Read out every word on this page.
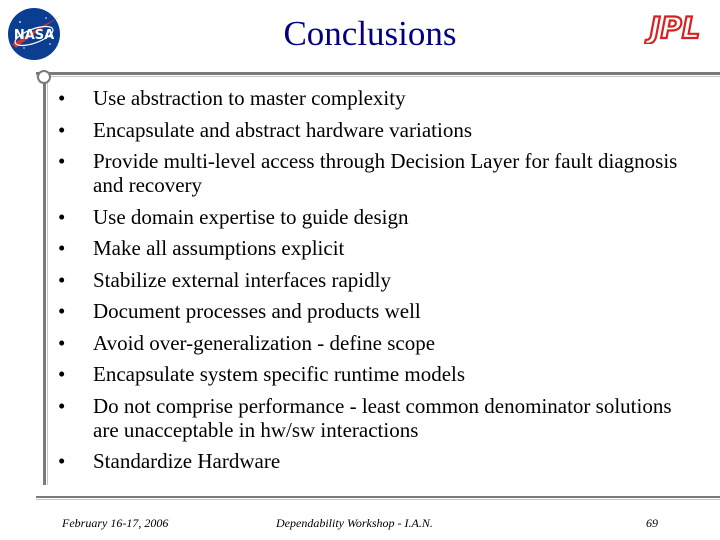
NASA	JPL
Conclusions
• Use abstraction to master complexity
• Encapsulate and abstract hardware variations
• Provide multi-level access through Decision Layer for fault diagnosis and recovery
• Use domain expertise to guide design
• Make all assumptions explicit
• Stabilize external interfaces rapidly
• Document processes and products well
• Avoid over-generalization - define scope
• Encapsulate system specific runtime models
• Do not comprise performance - least common denominator solutions are unacceptable in hw/sw interactions
• Standardize Hardware
February 16-17, 2006	Dependability Workshop - I.A.N.	69
